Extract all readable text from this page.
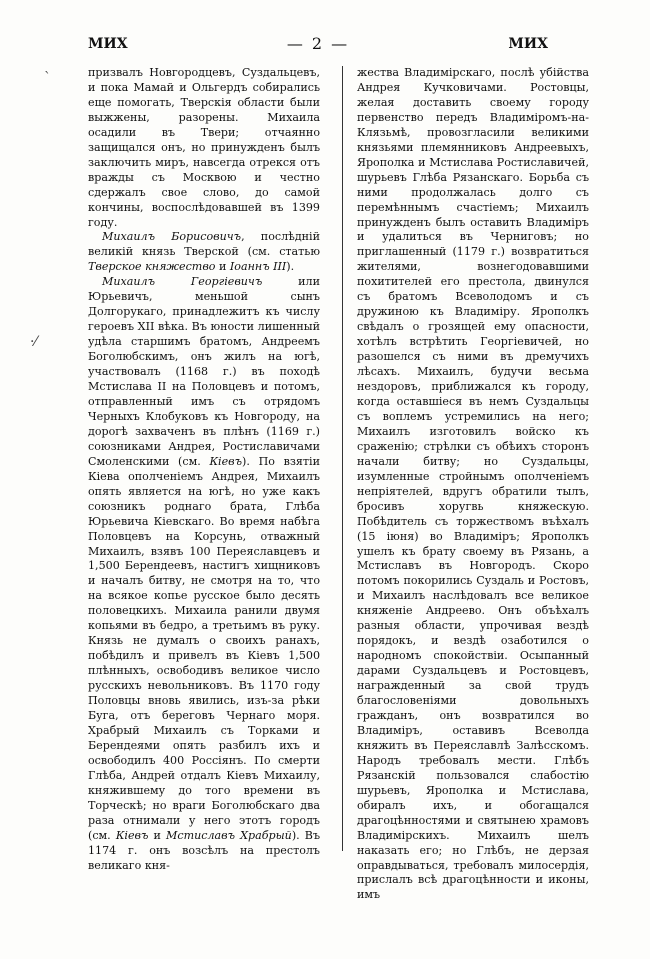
МИХ	— 2 —	МИХ
ˋ
·⁄

призвалъ Новгородцевъ, Суздальцевъ, и пока Мамай и Ольгердъ собирались еще помогать, Тверскія области были выжжены, разорены. Михаила осадили въ Твери; отчаянно защищался онъ, но принужденъ былъ заключить миръ, навсегда отрекся отъ вражды съ Москвою и честно сдержалъ свое слово, до самой кончины, воспослѣдовавшей въ 1399 году.

Михаилъ Борисовичъ, послѣдній великій князь Тверской (см. статью Тверское княжество и Іоаннъ III).

Михаилъ Георгіевичъ или Юрьевичъ, меньшой сынъ Долгорукаго, принадлежитъ къ числу героевъ XII вѣка. Въ юности лишенный удѣла старшимъ братомъ, Андреемъ Боголюбскимъ, онъ жилъ на югѣ, участвовалъ (1168 г.) въ походѣ Мстислава II на Половцевъ и потомъ, отправленный имъ съ отрядомъ Черныхъ Клобуковъ къ Новгороду, на дорогѣ захваченъ въ плѣнъ (1169 г.) союзниками Андрея, Ростиславичами Смоленскими (см. Кіевъ). По взятіи Кіева ополченіемъ Андрея, Михаилъ опять является на югѣ, но уже какъ союзникъ роднаго брата, Глѣба Юрьевича Кіевскаго. Во время набѣга Половцевъ на Корсунь, отважный Михаилъ, взявъ 100 Переяславцевъ и 1,500 Берендеевъ, настигъ хищниковъ и началъ битву, не смотря на то, что на всякое копье русское было десять половецкихъ. Михаила ранили двумя копьями въ бедро, а третьимъ въ руку. Князь не думалъ о своихъ ранахъ, побѣдилъ и привелъ въ Кіевъ 1,500 плѣнныхъ, освободивъ великое число русскихъ невольниковъ. Въ 1170 году Половцы вновь явились, изъ-за рѣки Буга, отъ береговъ Чернаго моря. Храбрый Михаилъ съ Торками и Берендеями опять разбилъ ихъ и освободилъ 400 Россіянъ. По смерти Глѣба, Андрей отдалъ Кіевъ Михаилу, княжившему до того времени въ Торческѣ; но враги Боголюбскаго два раза отнимали у него этотъ городъ (см. Кіевъ и Мстиславъ Храбрый). Въ 1174 г. онъ возсѣлъ на престолъ великаго кня-

жества Владимірскаго, послѣ убійства Андрея Кучковичами. Ростовцы, желая доставить своему городу первенство передъ Владиміромъ-на-Клязьмѣ, провозгласили великими князьями племянниковъ Андреевыхъ, Ярополка и Мстислава Ростиславичей, шурьевъ Глѣба Рязанскаго. Борьба съ ними продолжалась долго съ перемѣннымъ счастіемъ; Михаилъ принужденъ былъ оставить Владиміръ и удалиться въ Черниговъ; но приглашенный (1179 г.) возвратиться жителями, вознегодовавшими похитителей его престола, двинулся съ братомъ Всеволодомъ и съ дружиною къ Владиміру. Ярополкъ свѣдалъ о грозящей ему опасности, хотѣлъ встрѣтить Георгіевичей, но разошелся съ ними въ дремучихъ лѣсахъ. Михаилъ, будучи весьма нездоровъ, приближался къ городу, когда оставшіеся въ немъ Суздальцы съ воплемъ устремились на него; Михаилъ изготовилъ войско къ сраженію; стрѣлки съ обѣихъ сторонъ начали битву; но Суздальцы, изумленные стройнымъ ополченіемъ непріятелей, вдругъ обратили тылъ, бросивъ хоругвь княжескую. Побѣдитель съ торжествомъ въѣхалъ (15 іюня) во Владиміръ; Ярополкъ ушелъ къ брату своему въ Рязань, а Мстиславъ въ Новгородъ. Скоро потомъ покорились Суздаль и Ростовъ, и Михаилъ наслѣдовалъ все великое княженіе Андреево. Онъ объѣхалъ разныя области, упрочивая вездѣ порядокъ, и вездѣ озаботился о народномъ спокойствіи. Осыпанный дарами Суздальцевъ и Ростовцевъ, награжденный за свой трудъ благословеніями довольныхъ гражданъ, онъ возвратился во Владиміръ, оставивъ Всеволда княжить въ Переяславлѣ Залѣсскомъ. Народъ требовалъ мести. Глѣбъ Рязанскій пользовался слабостію шурьевъ, Ярополка и Мстислава, обиралъ ихъ, и обогащался драгоцѣнностями и святынею храмовъ Владимірскихъ. Михаилъ шелъ наказать его; но Глѣбъ, не дерзая оправдываться, требовалъ милосердія, прислалъ всѣ драгоцѣнности и иконы, имъ
